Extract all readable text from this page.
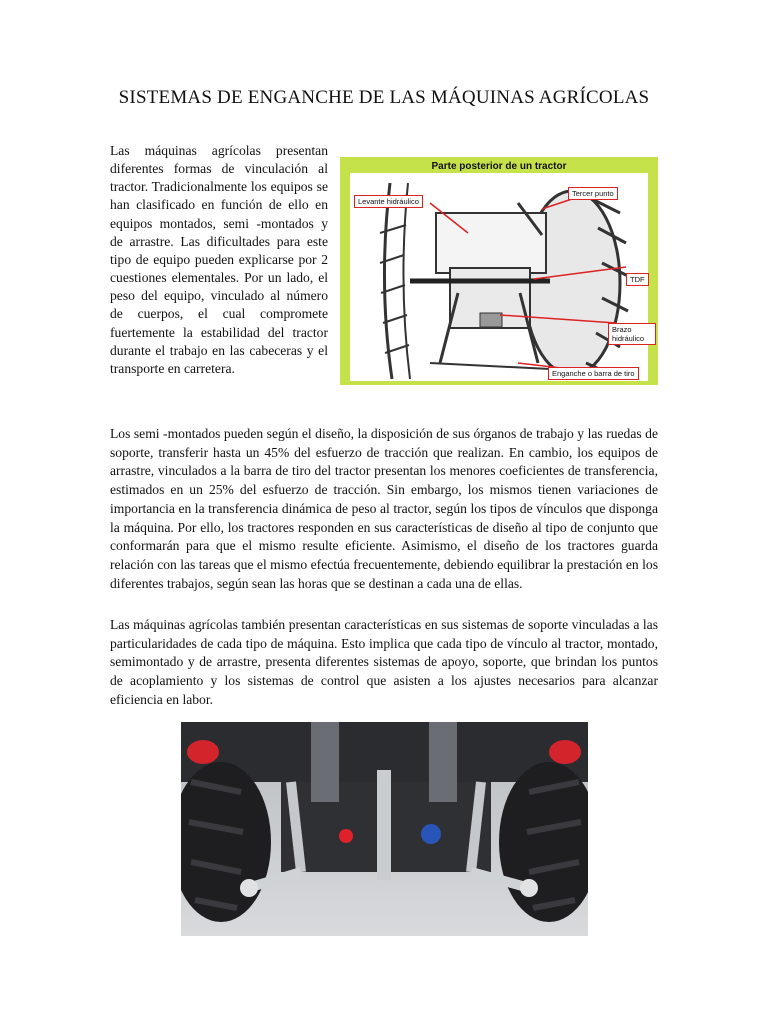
SISTEMAS DE ENGANCHE DE LAS MÁQUINAS AGRÍCOLAS

Las máquinas agrícolas presentan diferentes formas de vinculación al tractor. Tradicionalmente los equipos se han clasificado en función de ello en equipos montados, semi -montados y de arrastre. Las dificultades para este tipo de equipo pueden explicarse por 2 cuestiones elementales. Por un lado, el peso del equipo, vinculado al número de cuerpos, el cual compromete fuertemente la estabilidad del tractor durante el trabajo en las cabeceras y el transporte en carretera.

Parte posterior de un tractor
Levante hidráulico
Tercer punto
TDF
Brazo hidráulico
Enganche o barra de tiro

Los semi -montados pueden según el diseño, la disposición de sus órganos de trabajo y las ruedas de soporte, transferir hasta un 45% del esfuerzo de tracción que realizan. En cambio, los equipos de arrastre, vinculados a la barra de tiro del tractor presentan los menores coeficientes de transferencia, estimados en un 25% del esfuerzo de tracción. Sin embargo, los mismos tienen variaciones de importancia en la transferencia dinámica de peso al tractor, según los tipos de vínculos que disponga la máquina. Por ello, los tractores responden en sus características de diseño al tipo de conjunto que conformarán para que el mismo resulte eficiente. Asimismo, el diseño de los tractores guarda relación con las tareas que el mismo efectúa frecuentemente, debiendo equilibrar la prestación en los diferentes trabajos, según sean las horas que se destinan a cada una de ellas.

Las máquinas agrícolas también presentan características en sus sistemas de soporte vinculadas a las particularidades de cada tipo de máquina. Esto implica que cada tipo de vínculo al tractor, montado, semimontado y de arrastre, presenta diferentes sistemas de apoyo, soporte, que brindan los puntos de acoplamiento y los sistemas de control que asisten a los ajustes necesarios para alcanzar eficiencia en labor.
